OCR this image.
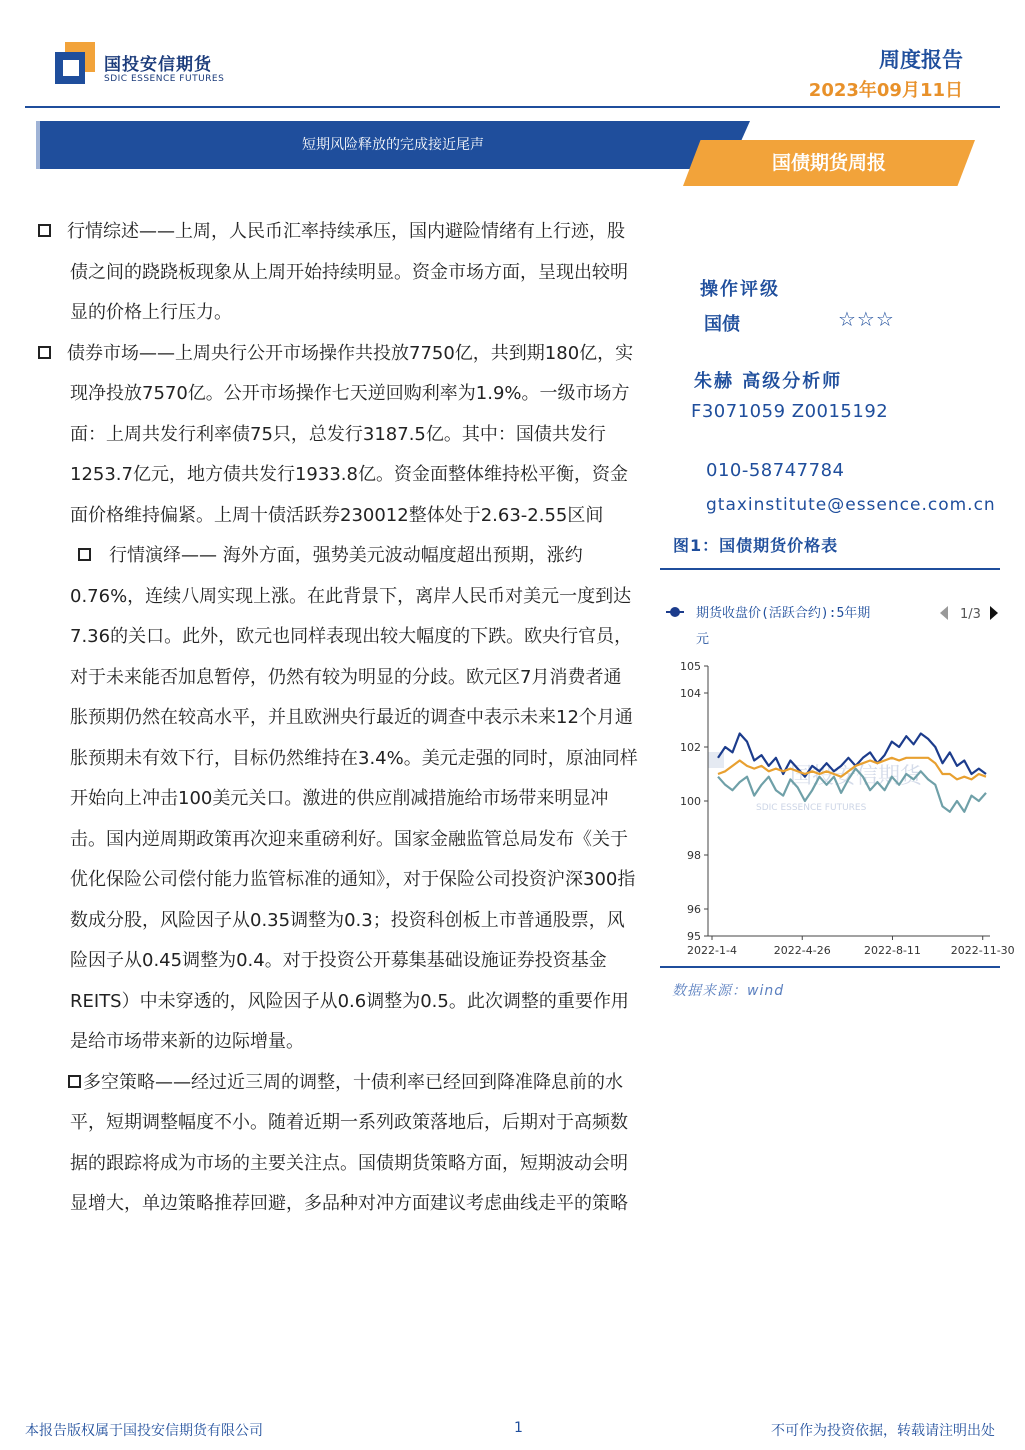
国投安信期货
SDIC ESSENCE FUTURES
周度报告
2023年09月11日
短期风险释放的完成接近尾声
国债期货周报
行情综述——上周，人民币汇率持续承压，国内避险情绪有上行迹，股债之间的跷跷板现象从上周开始持续明显。资金市场方面，呈现出较明显的价格上行压力。
债券市场——上周央行公开市场操作共投放7750亿，共到期180亿，实现净投放7570亿。公开市场操作七天逆回购利率为1.9%。一级市场方面：上周共发行利率债75只，总发行3187.5亿。其中：国债共发行1253.7亿元，地方债共发行1933.8亿。资金面整体维持松平衡，资金面价格维持偏紧。上周十债活跃券230012整体处于2.63-2.55区间
行情演绎—— 海外方面，强势美元波动幅度超出预期，涨约0.76%，连续八周实现上涨。在此背景下，离岸人民币对美元一度到达7.36的关口。此外，欧元也同样表现出较大幅度的下跌。欧央行官员，对于未来能否加息暂停，仍然有较为明显的分歧。欧元区7月消费者通胀预期仍然在较高水平，并且欧洲央行最近的调查中表示未来12个月通胀预期未有效下行，目标仍然维持在3.4%。美元走强的同时，原油同样开始向上冲击100美元关口。激进的供应削减措施给市场带来明显冲击。国内逆周期政策再次迎来重磅利好。国家金融监管总局发布《关于优化保险公司偿付能力监管标准的通知》，对于保险公司投资沪深300指数成分股，风险因子从0.35调整为0.3；投资科创板上市普通股票，风险因子从0.45调整为0.4。对于投资公开募集基础设施证券投资基金REITS）中未穿透的，风险因子从0.6调整为0.5。此次调整的重要作用是给市场带来新的边际增量。
多空策略——经过近三周的调整，十债利率已经回到降准降息前的水平，短期调整幅度不小。随着近期一系列政策落地后，后期对于高频数据的跟踪将成为市场的主要关注点。国债期货策略方面，短期波动会明显增大，单边策略推荐回避，多品种对冲方面建议考虑曲线走平的策略
操作评级
国债	☆☆☆
朱赫 高级分析师
F3071059 Z0015192
010-58747784
gtaxinstitute@essence.com.cn
图1：国债期货价格表
期货收盘价(活跃合约):5年期
元
1/3
国投安信期货
SDIC ESSENCE FUTURES
95
96
98
100
102
104
105
2022-1-4	2022-4-26	2022-8-11	2022-11-30
数据来源：wind
本报告版权属于国投安信期货有限公司	1	不可作为投资依据，转载请注明出处
